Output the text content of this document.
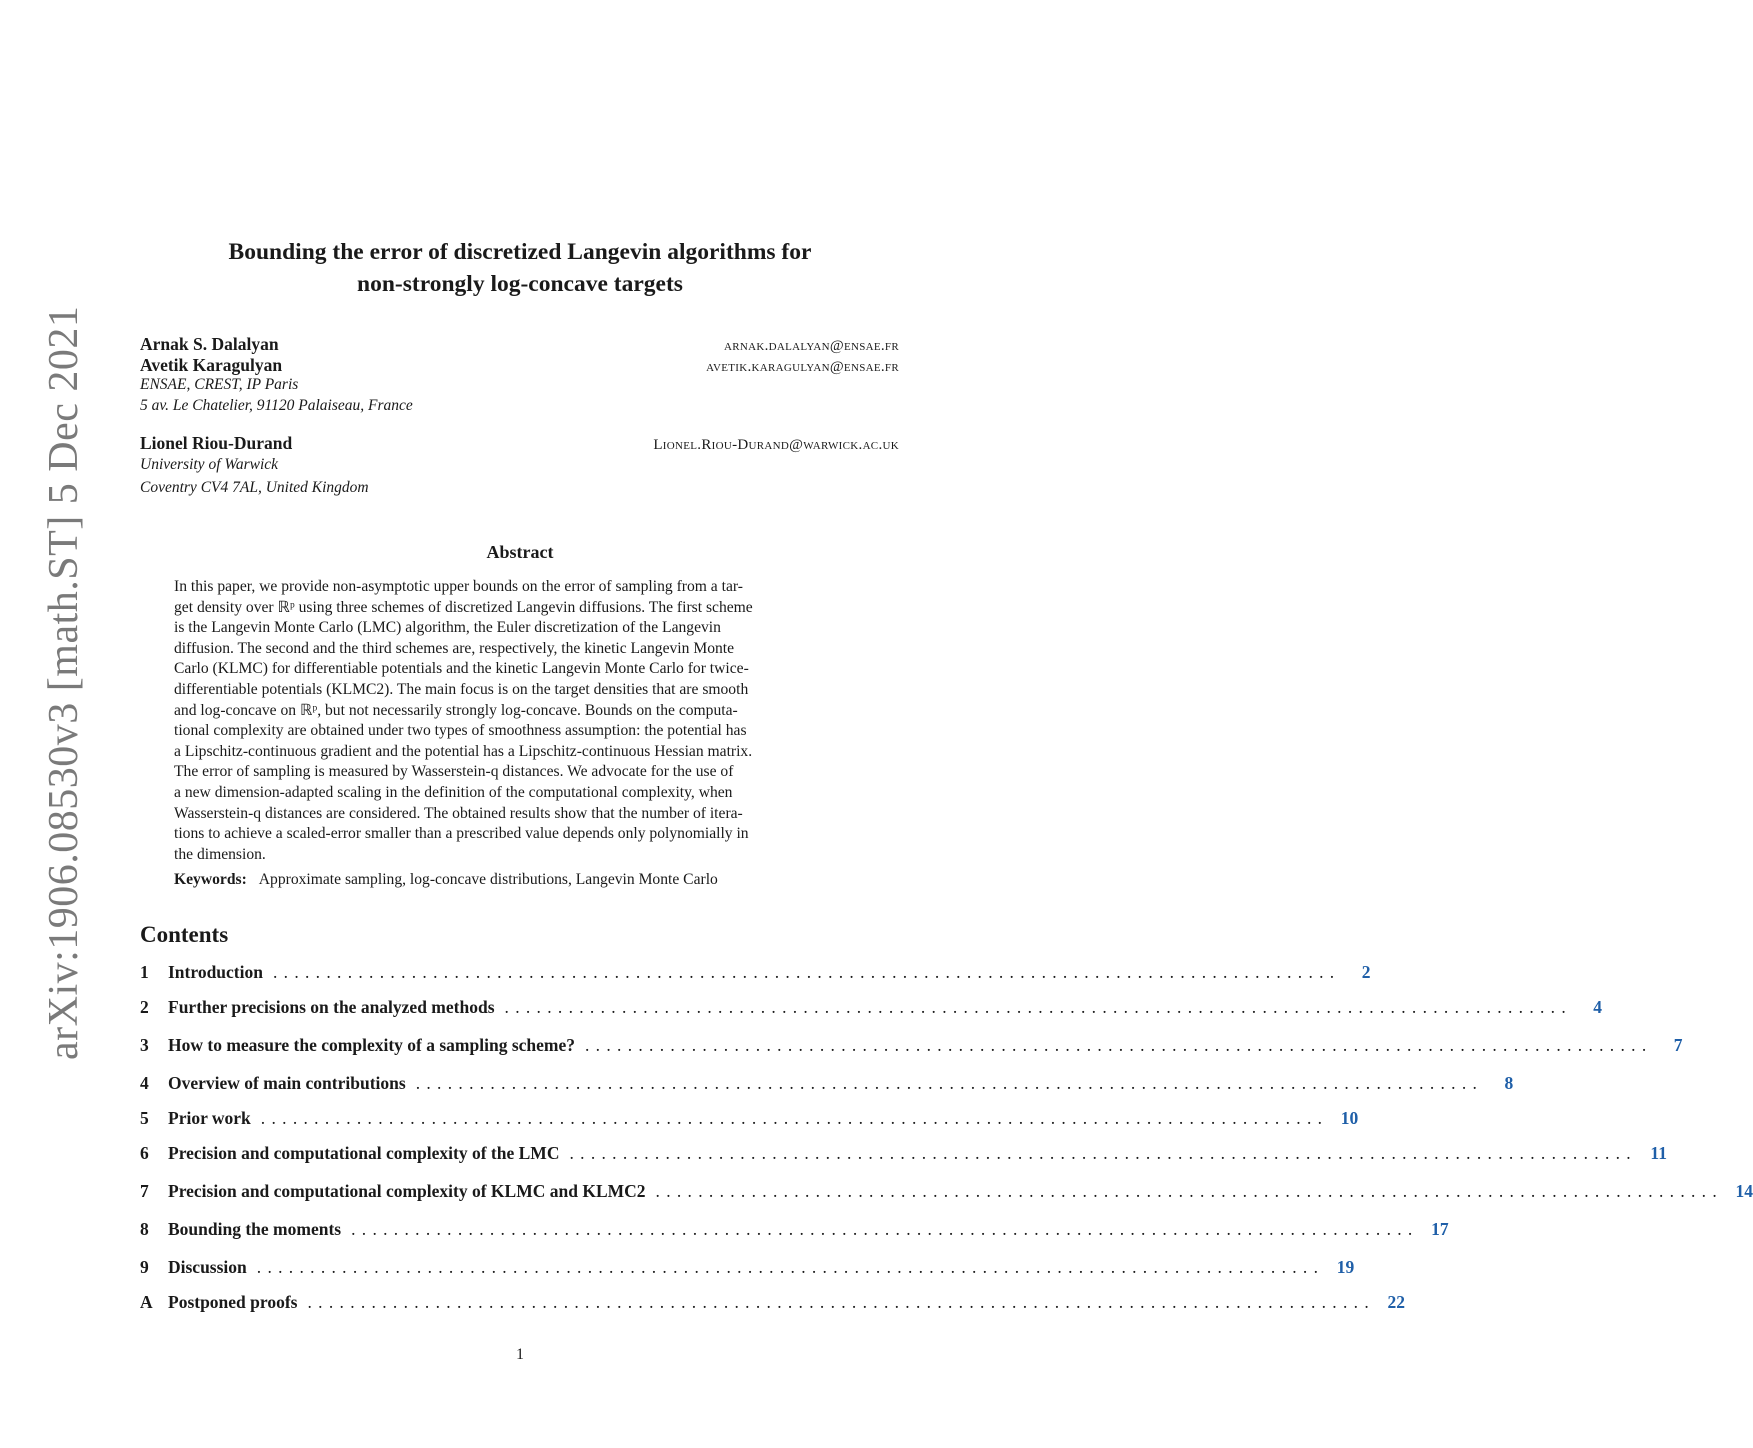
arXiv:1906.08530v3 [math.ST] 5 Dec 2021
Bounding the error of discretized Langevin algorithms for
non-strongly log-concave targets
Arnak S. Dalalyan	arnak.dalalyan@ensae.fr
Avetik Karagulyan	avetik.karagulyan@ensae.fr
ENSAE, CREST, IP Paris
5 av. Le Chatelier, 91120 Palaiseau, France
Lionel Riou-Durand	Lionel.Riou-Durand@warwick.ac.uk
University of Warwick
Coventry CV4 7AL, United Kingdom
Abstract
In this paper, we provide non-asymptotic upper bounds on the error of sampling from a tar-
get density over ℝᵖ using three schemes of discretized Langevin diffusions. The first scheme
is the Langevin Monte Carlo (LMC) algorithm, the Euler discretization of the Langevin
diffusion. The second and the third schemes are, respectively, the kinetic Langevin Monte
Carlo (KLMC) for differentiable potentials and the kinetic Langevin Monte Carlo for twice-
differentiable potentials (KLMC2). The main focus is on the target densities that are smooth
and log-concave on ℝᵖ, but not necessarily strongly log-concave. Bounds on the computa-
tional complexity are obtained under two types of smoothness assumption: the potential has
a Lipschitz-continuous gradient and the potential has a Lipschitz-continuous Hessian matrix.
The error of sampling is measured by Wasserstein-q distances. We advocate for the use of
a new dimension-adapted scaling in the definition of the computational complexity, when
Wasserstein-q distances are considered. The obtained results show that the number of itera-
tions to achieve a scaled-error smaller than a prescribed value depends only polynomially in
the dimension.
Keywords: Approximate sampling, log-concave distributions, Langevin Monte Carlo
Contents
1	Introduction ....................................................................................................	2
2	Further precisions on the analyzed methods ....................................................................................................	4
3	How to measure the complexity of a sampling scheme? ....................................................................................................	7
4	Overview of main contributions ....................................................................................................	8
5	Prior work .................................................................................................... 10
6	Precision and computational complexity of the LMC .................................................................................................... 11
7	Precision and computational complexity of KLMC and KLMC2 .................................................................................................... 14
8	Bounding the moments .................................................................................................... 17
9	Discussion .................................................................................................... 19
A Postponed proofs .................................................................................................... 22
1
